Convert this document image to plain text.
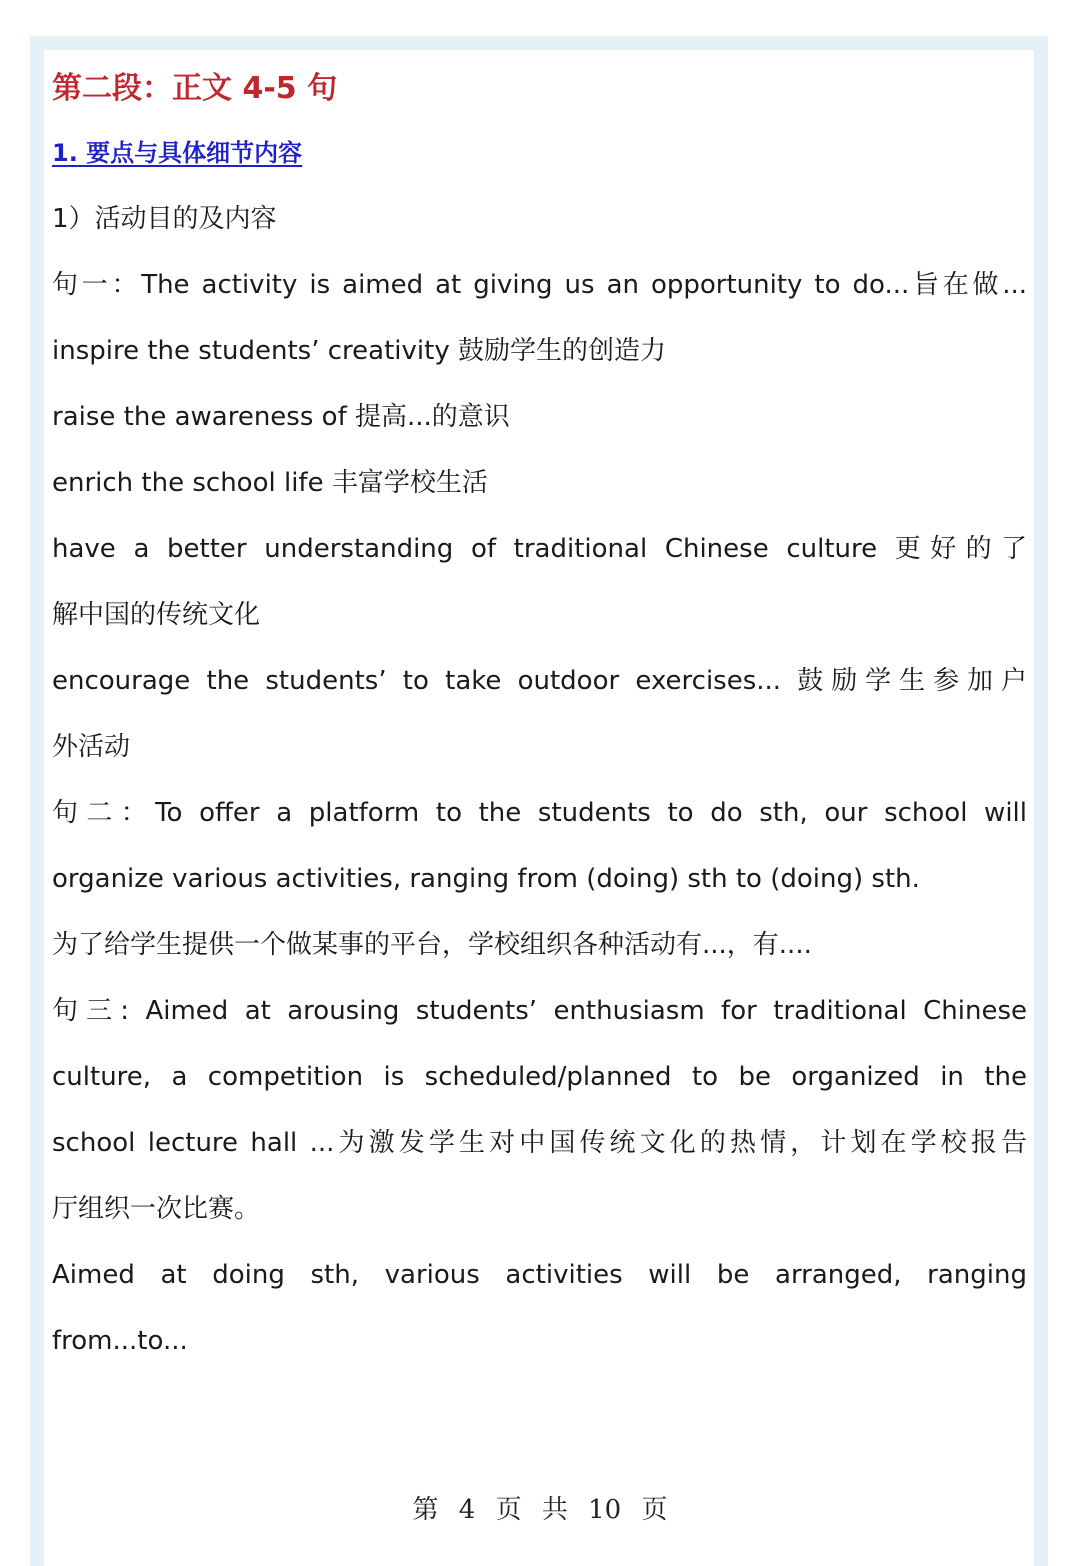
第二段：正文 4-5 句
1. 要点与具体细节内容
1）活动目的及内容
句一：The activity is aimed at giving us an opportunity to do...旨在做...
inspire the students’ creativity 鼓励学生的创造力
raise the awareness of 提高...的意识
enrich the school life 丰富学校生活
have a better understanding of traditional Chinese culture 更好的了
解中国的传统文化
encourage the students’ to take outdoor exercises... 鼓励学生参加户
外活动
句二：To offer a platform to the students to do sth, our school will
organize various activities, ranging from (doing) sth to (doing) sth.
为了给学生提供一个做某事的平台，学校组织各种活动有...，有....
句三: Aimed at arousing students’ enthusiasm for traditional Chinese
culture, a competition is scheduled/planned to be organized in the
school lecture hall ...为激发学生对中国传统文化的热情，计划在学校报告
厅组织一次比赛。
Aimed at doing sth, various activities will be arranged, ranging
from...to...
第 4 页 共 10 页
